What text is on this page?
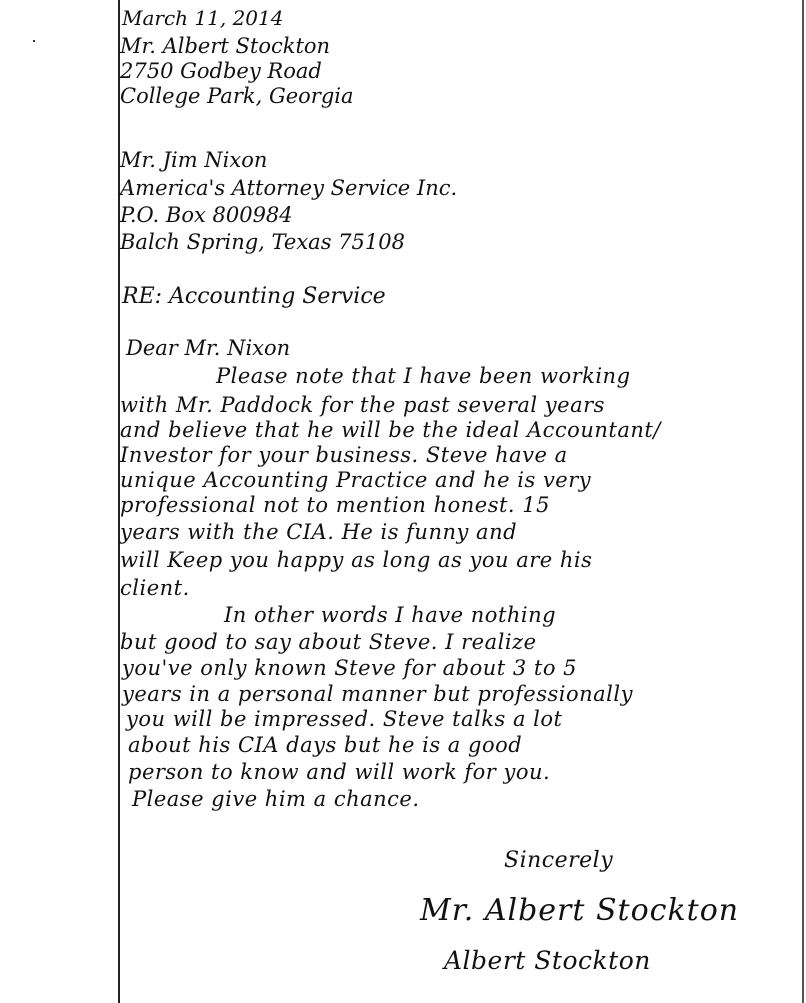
March 11, 2014
Mr. Albert Stockton
2750 Godbey Road
College Park, Georgia
Mr. Jim Nixon
America's Attorney Service Inc.
P.O. Box 800984
Balch Spring, Texas 75108
RE: Accounting Service
Dear Mr. Nixon
Please note that I have been working
with Mr. Paddock for the past several years
and believe that he will be the ideal Accountant/
Investor for your business. Steve have a
unique Accounting Practice and he is very
professional not to mention honest. 15
years with the CIA. He is funny and
will Keep you happy as long as you are his
client.
In other words I have nothing
but good to say about Steve. I realize
you've only known Steve for about 3 to 5
years in a personal manner but professionally
you will be impressed. Steve talks a lot
about his CIA days but he is a good
person to know and will work for you.
Please give him a chance.
Sincerely
Mr. Albert Stockton
Albert Stockton
